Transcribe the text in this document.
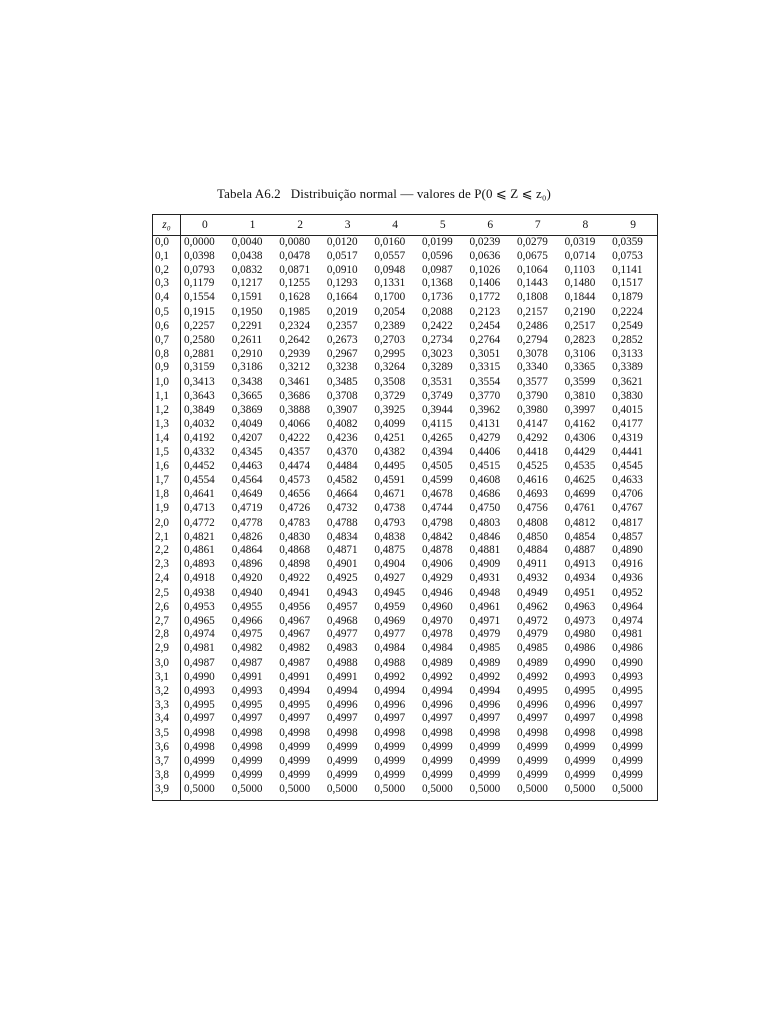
Tabela A6.2 Distribuição normal — valores de P(0 ⩽ Z ⩽ z₀)
z₀	0	1	2	3	4	5	6	7	8	9
0,0	0,0000	0,0040	0,0080	0,0120	0,0160	0,0199	0,0239	0,0279	0,0319	0,0359
0,1	0,0398	0,0438	0,0478	0,0517	0,0557	0,0596	0,0636	0,0675	0,0714	0,0753
0,2	0,0793	0,0832	0,0871	0,0910	0,0948	0,0987	0,1026	0,1064	0,1103	0,1141
0,3	0,1179	0,1217	0,1255	0,1293	0,1331	0,1368	0,1406	0,1443	0,1480	0,1517
0,4	0,1554	0,1591	0,1628	0,1664	0,1700	0,1736	0,1772	0,1808	0,1844	0,1879
0,5	0,1915	0,1950	0,1985	0,2019	0,2054	0,2088	0,2123	0,2157	0,2190	0,2224
0,6	0,2257	0,2291	0,2324	0,2357	0,2389	0,2422	0,2454	0,2486	0,2517	0,2549
0,7	0,2580	0,2611	0,2642	0,2673	0,2703	0,2734	0,2764	0,2794	0,2823	0,2852
0,8	0,2881	0,2910	0,2939	0,2967	0,2995	0,3023	0,3051	0,3078	0,3106	0,3133
0,9	0,3159	0,3186	0,3212	0,3238	0,3264	0,3289	0,3315	0,3340	0,3365	0,3389
1,0	0,3413	0,3438	0,3461	0,3485	0,3508	0,3531	0,3554	0,3577	0,3599	0,3621
1,1	0,3643	0,3665	0,3686	0,3708	0,3729	0,3749	0,3770	0,3790	0,3810	0,3830
1,2	0,3849	0,3869	0,3888	0,3907	0,3925	0,3944	0,3962	0,3980	0,3997	0,4015
1,3	0,4032	0,4049	0,4066	0,4082	0,4099	0,4115	0,4131	0,4147	0,4162	0,4177
1,4	0,4192	0,4207	0,4222	0,4236	0,4251	0,4265	0,4279	0,4292	0,4306	0,4319
1,5	0,4332	0,4345	0,4357	0,4370	0,4382	0,4394	0,4406	0,4418	0,4429	0,4441
1,6	0,4452	0,4463	0,4474	0,4484	0,4495	0,4505	0,4515	0,4525	0,4535	0,4545
1,7	0,4554	0,4564	0,4573	0,4582	0,4591	0,4599	0,4608	0,4616	0,4625	0,4633
1,8	0,4641	0,4649	0,4656	0,4664	0,4671	0,4678	0,4686	0,4693	0,4699	0,4706
1,9	0,4713	0,4719	0,4726	0,4732	0,4738	0,4744	0,4750	0,4756	0,4761	0,4767
2,0	0,4772	0,4778	0,4783	0,4788	0,4793	0,4798	0,4803	0,4808	0,4812	0,4817
2,1	0,4821	0,4826	0,4830	0,4834	0,4838	0,4842	0,4846	0,4850	0,4854	0,4857
2,2	0,4861	0,4864	0,4868	0,4871	0,4875	0,4878	0,4881	0,4884	0,4887	0,4890
2,3	0,4893	0,4896	0,4898	0,4901	0,4904	0,4906	0,4909	0,4911	0,4913	0,4916
2,4	0,4918	0,4920	0,4922	0,4925	0,4927	0,4929	0,4931	0,4932	0,4934	0,4936
2,5	0,4938	0,4940	0,4941	0,4943	0,4945	0,4946	0,4948	0,4949	0,4951	0,4952
2,6	0,4953	0,4955	0,4956	0,4957	0,4959	0,4960	0,4961	0,4962	0,4963	0,4964
2,7	0,4965	0,4966	0,4967	0,4968	0,4969	0,4970	0,4971	0,4972	0,4973	0,4974
2,8	0,4974	0,4975	0,4967	0,4977	0,4977	0,4978	0,4979	0,4979	0,4980	0,4981
2,9	0,4981	0,4982	0,4982	0,4983	0,4984	0,4984	0,4985	0,4985	0,4986	0,4986
3,0	0,4987	0,4987	0,4987	0,4988	0,4988	0,4989	0,4989	0,4989	0,4990	0,4990
3,1	0,4990	0,4991	0,4991	0,4991	0,4992	0,4992	0,4992	0,4992	0,4993	0,4993
3,2	0,4993	0,4993	0,4994	0,4994	0,4994	0,4994	0,4994	0,4995	0,4995	0,4995
3,3	0,4995	0,4995	0,4995	0,4996	0,4996	0,4996	0,4996	0,4996	0,4996	0,4997
3,4	0,4997	0,4997	0,4997	0,4997	0,4997	0,4997	0,4997	0,4997	0,4997	0,4998
3,5	0,4998	0,4998	0,4998	0,4998	0,4998	0,4998	0,4998	0,4998	0,4998	0,4998
3,6	0,4998	0,4998	0,4999	0,4999	0,4999	0,4999	0,4999	0,4999	0,4999	0,4999
3,7	0,4999	0,4999	0,4999	0,4999	0,4999	0,4999	0,4999	0,4999	0,4999	0,4999
3,8	0,4999	0,4999	0,4999	0,4999	0,4999	0,4999	0,4999	0,4999	0,4999	0,4999
3,9	0,5000	0,5000	0,5000	0,5000	0,5000	0,5000	0,5000	0,5000	0,5000	0,5000
